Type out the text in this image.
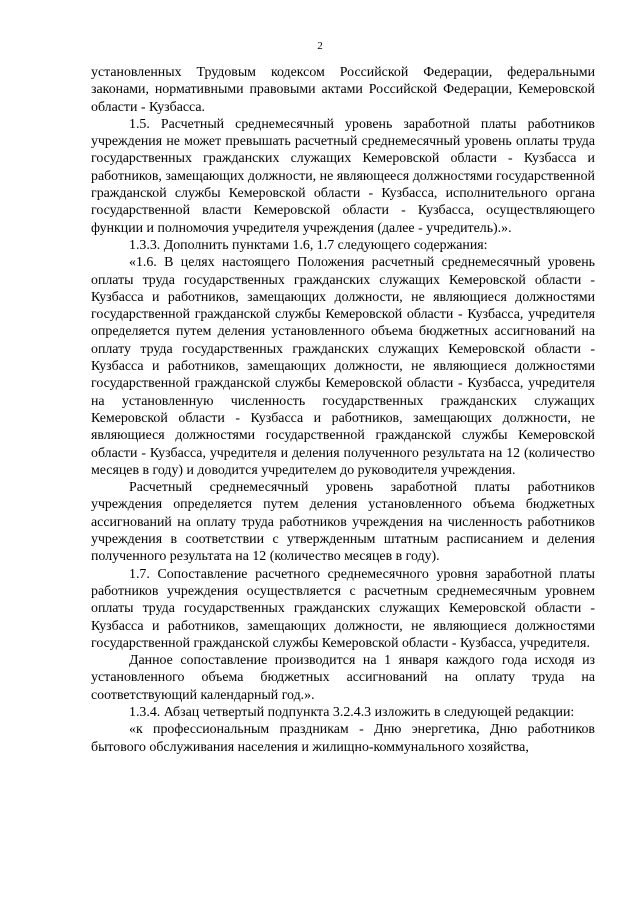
2

установленных Трудовым кодексом Российской Федерации, федеральными законами, нормативными правовыми актами Российской Федерации, Кемеровской области - Кузбасса.

1.5. Расчетный среднемесячный уровень заработной платы работников учреждения не может превышать расчетный среднемесячный уровень оплаты труда государственных гражданских служащих Кемеровской области - Кузбасса и работников, замещающих должности, не являющееся должностями государственной гражданской службы Кемеровской области - Кузбасса, исполнительного органа государственной власти Кемеровской области - Кузбасса, осуществляющего функции и полномочия учредителя учреждения (далее - учредитель).».

1.3.3. Дополнить пунктами 1.6, 1.7 следующего содержания:

«1.6. В целях настоящего Положения расчетный среднемесячный уровень оплаты труда государственных гражданских служащих Кемеровской области - Кузбасса и работников, замещающих должности, не являющиеся должностями государственной гражданской службы Кемеровской области - Кузбасса, учредителя определяется путем деления установленного объема бюджетных ассигнований на оплату труда государственных гражданских служащих Кемеровской области - Кузбасса и работников, замещающих должности, не являющиеся должностями государственной гражданской службы Кемеровской области - Кузбасса, учредителя на установленную численность государственных гражданских служащих Кемеровской области - Кузбасса и работников, замещающих должности, не являющиеся должностями государственной гражданской службы Кемеровской области - Кузбасса, учредителя и деления полученного результата на 12 (количество месяцев в году) и доводится учредителем до руководителя учреждения.

Расчетный среднемесячный уровень заработной платы работников учреждения определяется путем деления установленного объема бюджетных ассигнований на оплату труда работников учреждения на численность работников учреждения в соответствии с утвержденным штатным расписанием и деления полученного результата на 12 (количество месяцев в году).

1.7. Сопоставление расчетного среднемесячного уровня заработной платы работников учреждения осуществляется с расчетным среднемесячным уровнем оплаты труда государственных гражданских служащих Кемеровской области - Кузбасса и работников, замещающих должности, не являющиеся должностями государственной гражданской службы Кемеровской области - Кузбасса, учредителя.

Данное сопоставление производится на 1 января каждого года исходя из установленного объема бюджетных ассигнований на оплату труда на соответствующий календарный год.».

1.3.4. Абзац четвертый подпункта 3.2.4.3 изложить в следующей редакции:

«к профессиональным праздникам - Дню энергетика, Дню работников бытового обслуживания населения и жилищно-коммунального хозяйства,
